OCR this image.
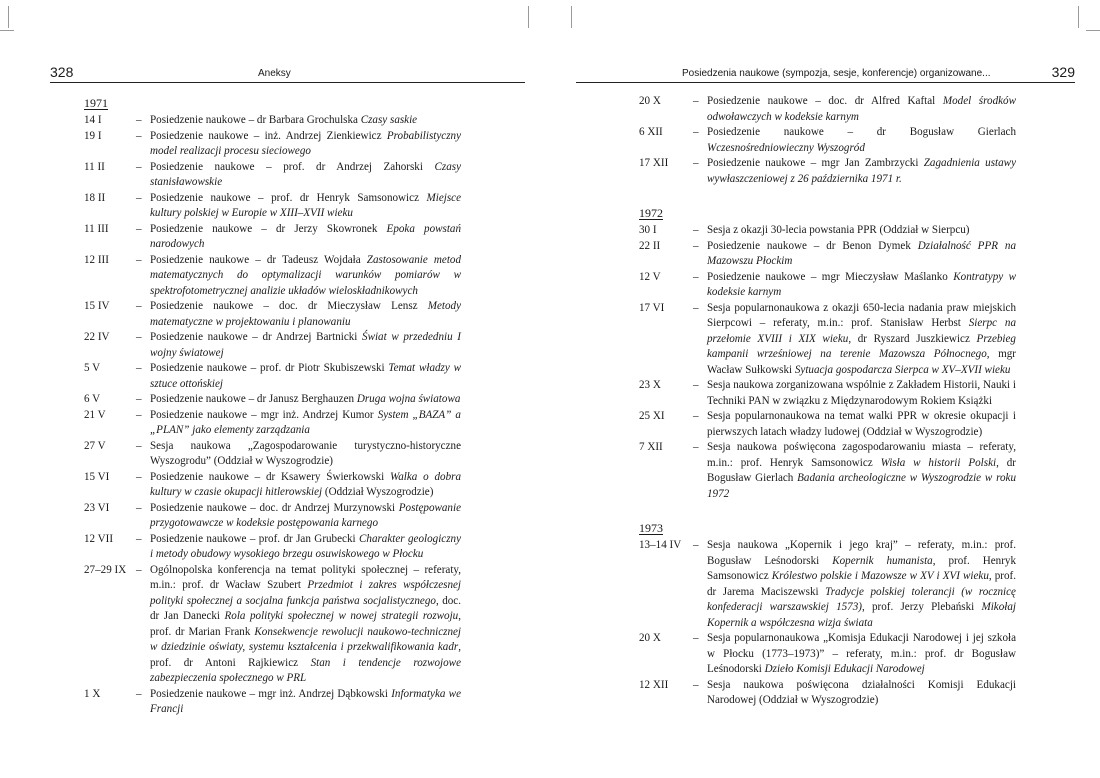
328	Aneksy
1971
14 I	– Posiedzenie naukowe – dr Barbara Grochulska Czasy saskie
19 I	– Posiedzenie naukowe – inż. Andrzej Zienkiewicz Probabilistyczny model realizacji procesu sieciowego
11 II	– Posiedzenie naukowe – prof. dr Andrzej Zahorski Czasy stanisławowskie
18 II	– Posiedzenie naukowe – prof. dr Henryk Samsonowicz Miejsce kultury polskiej w Europie w XIII–XVII wieku
11 III	– Posiedzenie naukowe – dr Jerzy Skowronek Epoka powstań narodowych
12 III	– Posiedzenie naukowe – dr Tadeusz Wojdała Zastosowanie metod matematycznych do optymalizacji warunków pomiarów w spektrofotometrycznej analizie układów wieloskładnikowych
15 IV	– Posiedzenie naukowe – doc. dr Mieczysław Lensz Metody matematyczne w projektowaniu i planowaniu
22 IV	– Posiedzenie naukowe – dr Andrzej Bartnicki Świat w przededniu I wojny światowej
5 V	– Posiedzenie naukowe – prof. dr Piotr Skubiszewski Temat władzy w sztuce ottońskiej
6 V	– Posiedzenie naukowe – dr Janusz Berghauzen Druga wojna światowa
21 V	– Posiedzenie naukowe – mgr inż. Andrzej Kumor System „BAZA” a „PLAN” jako elementy zarządzania
27 V	– Sesja naukowa „Zagospodarowanie turystyczno-historyczne Wyszogrodu” (Oddział w Wyszogrodzie)
15 VI	– Posiedzenie naukowe – dr Ksawery Świerkowski Walka o dobra kultury w czasie okupacji hitlerowskiej (Oddział Wyszogrodzie)
23 VI	– Posiedzenie naukowe – doc. dr Andrzej Murzynowski Postępowanie przygotowawcze w kodeksie postępowania karnego
12 VII	– Posiedzenie naukowe – prof. dr Jan Grubecki Charakter geologiczny i metody obudowy wysokiego brzegu osuwiskowego w Płocku
27–29 IX – Ogólnopolska konferencja na temat polityki społecznej – referaty, m.in.: prof. dr Wacław Szubert Przedmiot i zakres współczesnej polityki społecznej a socjalna funkcja państwa socjalistycznego, doc. dr Jan Danecki Rola polityki społecznej w nowej strategii rozwoju, prof. dr Marian Frank Konsekwencje rewolucji naukowo-technicznej w dziedzinie oświaty, systemu kształcenia i przekwalifikowania kadr, prof. dr Antoni Rajkiewicz Stan i tendencje rozwojowe zabezpieczenia społecznego w PRL
1 X	– Posiedzenie naukowe – mgr inż. Andrzej Dąbkowski Informatyka we Francji
Posiedzenia naukowe (sympozja, sesje, konferencje) organizowane...	329
20 X	– Posiedzenie naukowe – doc. dr Alfred Kaftal Model środków odwoławczych w kodeksie karnym
6 XII	– Posiedzenie naukowe – dr Bogusław Gierlach Wczesnośredniowieczny Wyszogród
17 XII	– Posiedzenie naukowe – mgr Jan Zambrzycki Zagadnienia ustawy wywłaszczeniowej z 26 października 1971 r.
1972
30 I	– Sesja z okazji 30-lecia powstania PPR (Oddział w Sierpcu)
22 II	– Posiedzenie naukowe – dr Benon Dymek Działalność PPR na Mazowszu Płockim
12 V	– Posiedzenie naukowe – mgr Mieczysław Maślanko Kontratypy w kodeksie karnym
17 VI	– Sesja popularnonaukowa z okazji 650-lecia nadania praw miejskich Sierpcowi – referaty, m.in.: prof. Stanisław Herbst Sierpc na przełomie XVIII i XIX wieku, dr Ryszard Juszkiewicz Przebieg kampanii wrześniowej na terenie Mazowsza Północnego, mgr Wacław Sułkowski Sytuacja gospodarcza Sierpca w XV–XVII wieku
23 X	– Sesja naukowa zorganizowana wspólnie z Zakładem Historii, Nauki i Techniki PAN w związku z Międzynarodowym Rokiem Książki
25 XI	– Sesja popularnonaukowa na temat walki PPR w okresie okupacji i pierwszych latach władzy ludowej (Oddział w Wyszogrodzie)
7 XII	– Sesja naukowa poświęcona zagospodarowaniu miasta – referaty, m.in.: prof. Henryk Samsonowicz Wisła w historii Polski, dr Bogusław Gierlach Badania archeologiczne w Wyszogrodzie w roku 1972
1973
13–14 IV	– Sesja naukowa „Kopernik i jego kraj” – referaty, m.in.: prof. Bogusław Leśnodorski Kopernik humanista, prof. Henryk Samsonowicz Królestwo polskie i Mazowsze w XV i XVI wieku, prof. dr Jarema Maciszewski Tradycje polskiej tolerancji (w rocznicę konfederacji warszawskiej 1573), prof. Jerzy Plebański Mikołaj Kopernik a współczesna wizja świata
20 X	– Sesja popularnonaukowa „Komisja Edukacji Narodowej i jej szkoła w Płocku (1773–1973)” – referaty, m.in.: prof. dr Bogusław Leśnodorski Dzieło Komisji Edukacji Narodowej
12 XII	– Sesja naukowa poświęcona działalności Komisji Edukacji Narodowej (Oddział w Wyszogrodzie)
